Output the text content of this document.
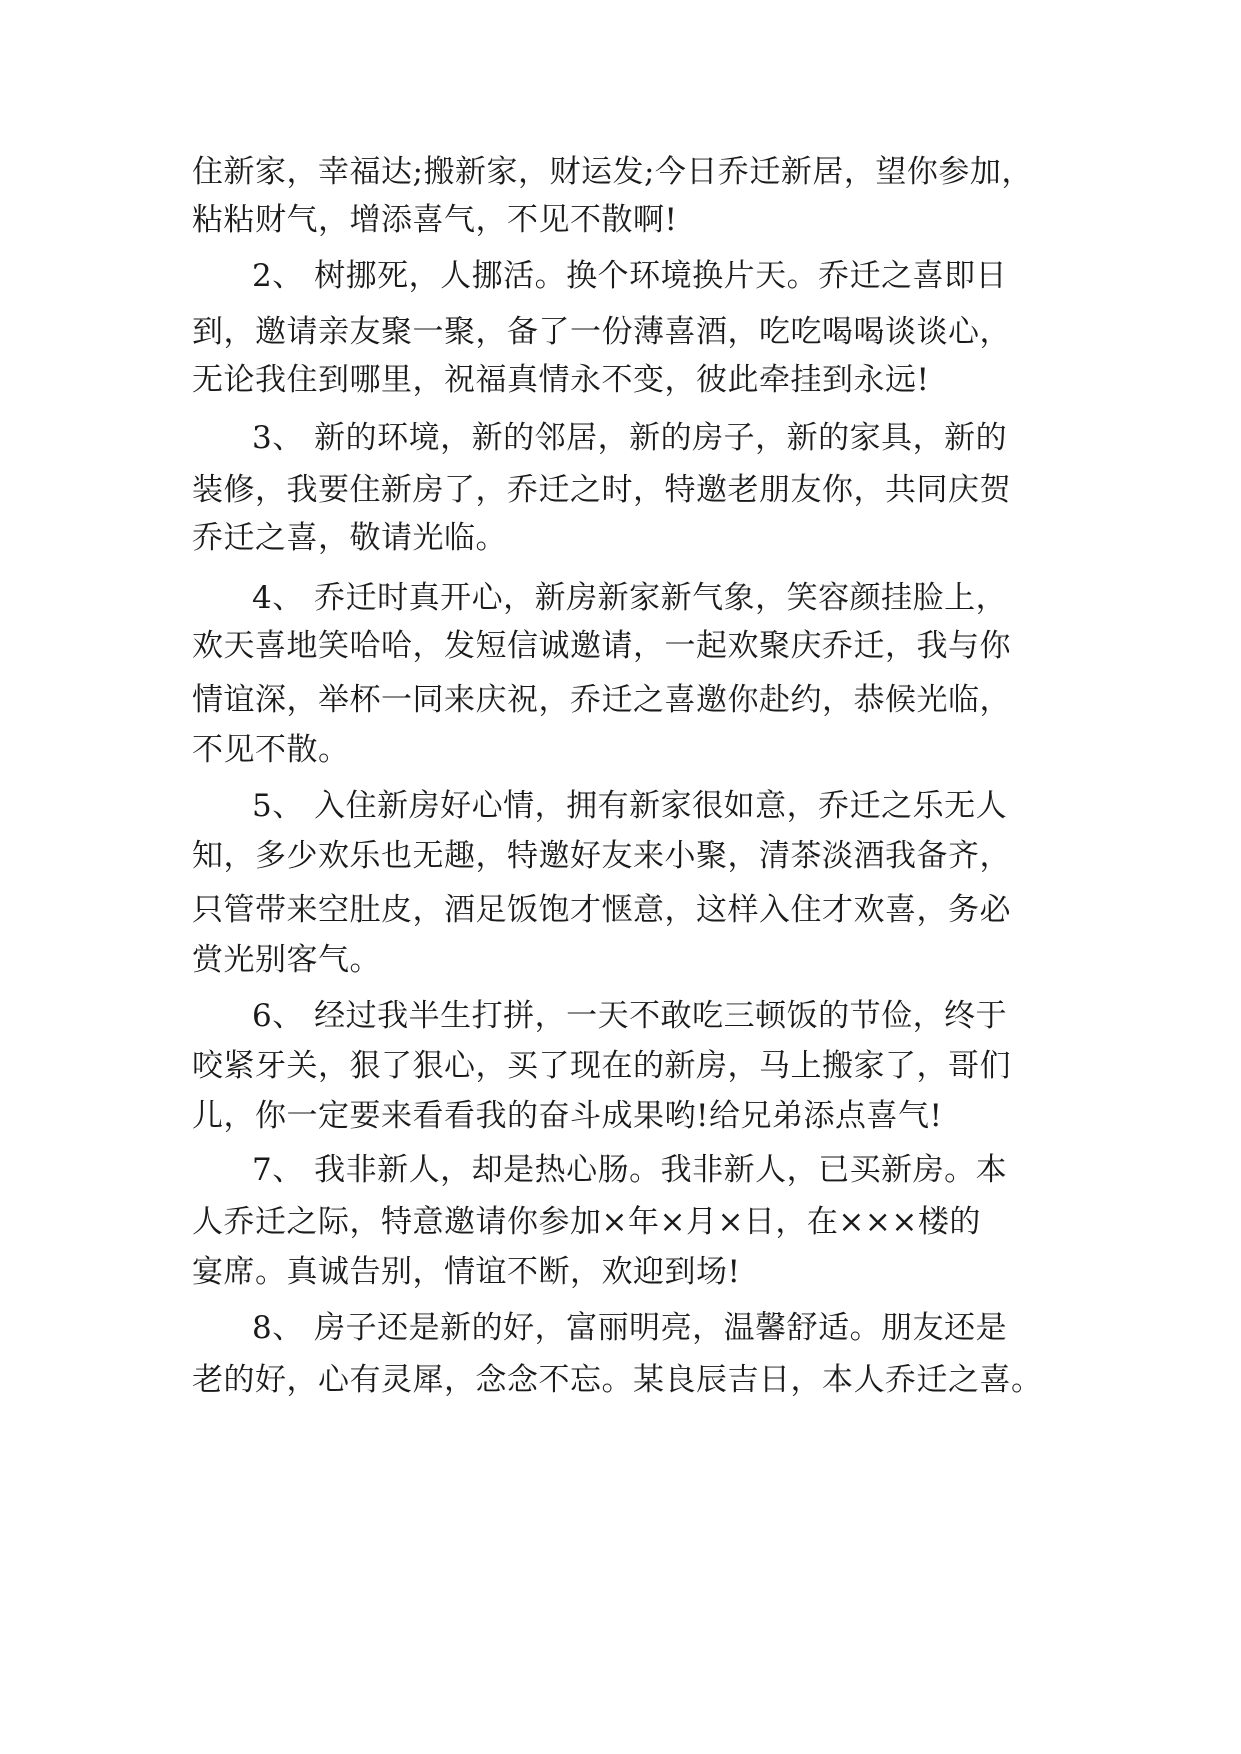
住新家，幸福达;搬新家，财运发;今日乔迁新居，望你参加，
粘粘财气，增添喜气，不见不散啊!
2、 树挪死，人挪活。换个环境换片天。乔迁之喜即日
到，邀请亲友聚一聚，备了一份薄喜酒，吃吃喝喝谈谈心，
无论我住到哪里，祝福真情永不变，彼此牵挂到永远!
3、 新的环境，新的邻居，新的房子，新的家具，新的
装修，我要住新房了，乔迁之时，特邀老朋友你，共同庆贺
乔迁之喜，敬请光临。
4、 乔迁时真开心，新房新家新气象，笑容颜挂脸上，
欢天喜地笑哈哈，发短信诚邀请，一起欢聚庆乔迁，我与你
情谊深，举杯一同来庆祝，乔迁之喜邀你赴约，恭候光临，
不见不散。
5、 入住新房好心情，拥有新家很如意，乔迁之乐无人
知，多少欢乐也无趣，特邀好友来小聚，清茶淡酒我备齐，
只管带来空肚皮，酒足饭饱才惬意，这样入住才欢喜，务必
赏光别客气。
6、 经过我半生打拼，一天不敢吃三顿饭的节俭，终于
咬紧牙关，狠了狠心，买了现在的新房，马上搬家了，哥们
儿，你一定要来看看我的奋斗成果哟!给兄弟添点喜气!
7、 我非新人，却是热心肠。我非新人，已买新房。本
人乔迁之际，特意邀请你参加×年×月×日，在×××楼的
宴席。真诚告别，情谊不断，欢迎到场!
8、 房子还是新的好，富丽明亮，温馨舒适。朋友还是
老的好，心有灵犀，念念不忘。某良辰吉日，本人乔迁之喜。
